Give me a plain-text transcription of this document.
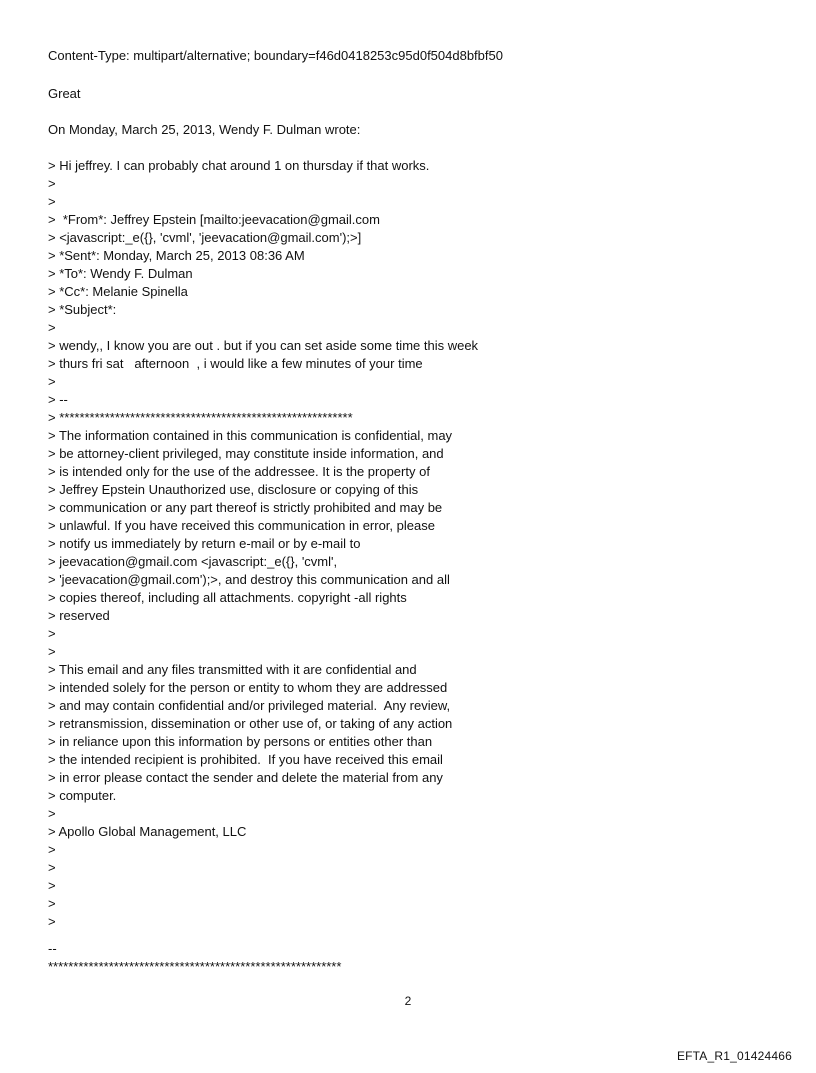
Content-Type: multipart/alternative; boundary=f46d0418253c95d0f504d8bfbf50
Great
On Monday, March 25, 2013, Wendy F. Dulman wrote:
> Hi jeffrey. I can probably chat around 1 on thursday if that works.
>
>
>  *From*: Jeffrey Epstein [mailto:jeevacation@gmail.com
> <javascript:_e({}, 'cvml', 'jeevacation@gmail.com');>]
> *Sent*: Monday, March 25, 2013 08:36 AM
> *To*: Wendy F. Dulman
> *Cc*: Melanie Spinella
> *Subject*:
>
> wendy,, I know you are out . but if you can set aside some time this week
> thurs fri sat   afternoon  , i would like a few minutes of your time
>
> --
> **********************************************************
> The information contained in this communication is confidential, may
> be attorney-client privileged, may constitute inside information, and
> is intended only for the use of the addressee. It is the property of
> Jeffrey Epstein Unauthorized use, disclosure or copying of this
> communication or any part thereof is strictly prohibited and may be
> unlawful. If you have received this communication in error, please
> notify us immediately by return e-mail or by e-mail to
> jeevacation@gmail.com <javascript:_e({}, 'cvml',
> 'jeevacation@gmail.com');>, and destroy this communication and all
> copies thereof, including all attachments. copyright -all rights
> reserved
>
>
> This email and any files transmitted with it are confidential and
> intended solely for the person or entity to whom they are addressed
> and may contain confidential and/or privileged material.  Any review,
> retransmission, dissemination or other use of, or taking of any action
> in reliance upon this information by persons or entities other than
> the intended recipient is prohibited.  If you have received this email
> in error please contact the sender and delete the material from any
> computer.
>
> Apollo Global Management, LLC
>
>
>
>
>
--
**********************************************************
2
EFTA_R1_01424466
